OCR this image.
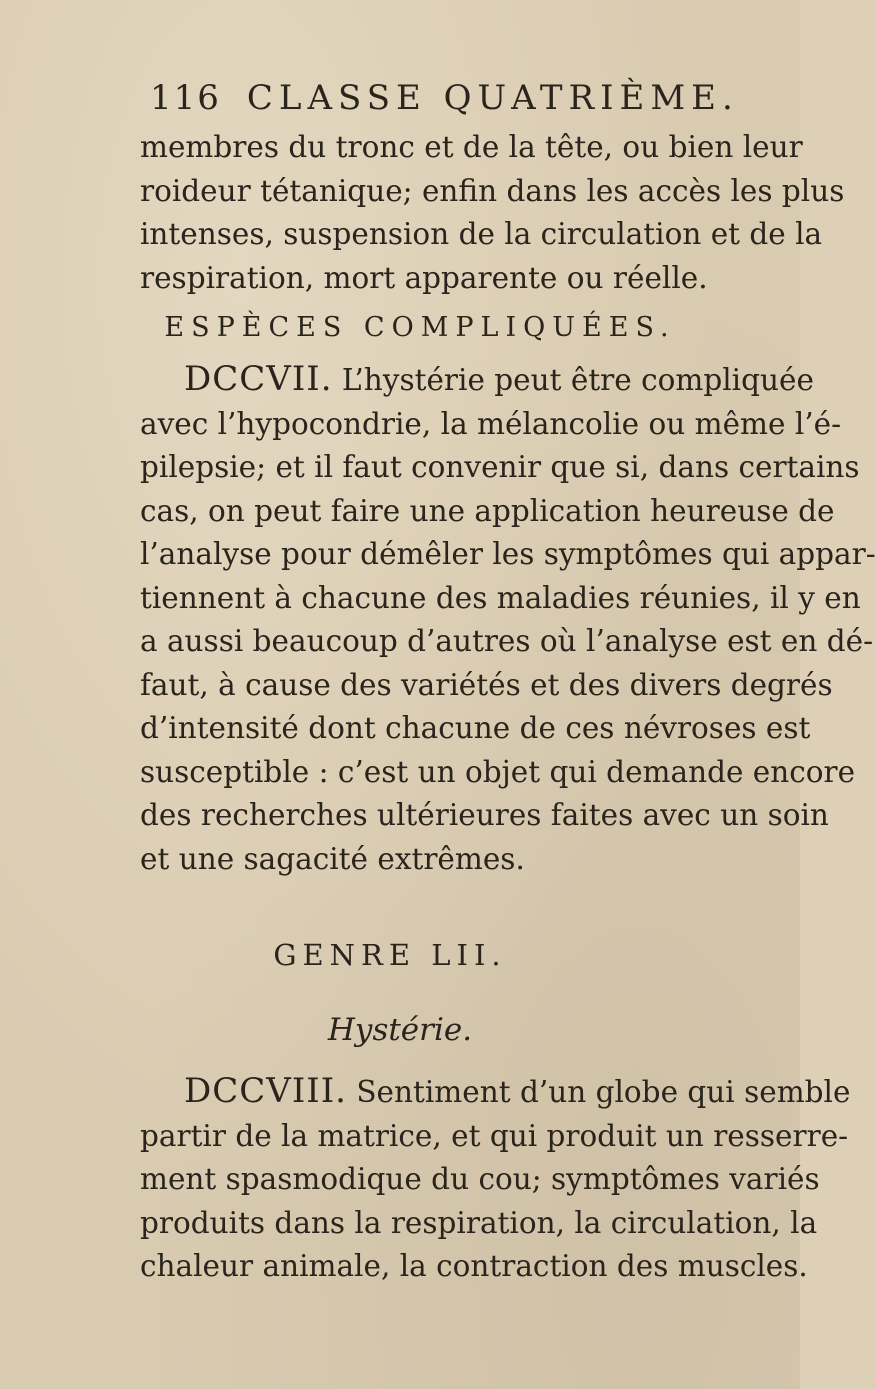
116 CLASSE QUATRIÈME.
membres du tronc et de la tête, ou bien leur
roideur tétanique; enfin dans les accès les plus
intenses, suspension de la circulation et de la
respiration, mort apparente ou réelle.
ESPÈCES COMPLIQUÉES.
DCCVII. L’hystérie peut être compliquée
avec l’hypocondrie, la mélancolie ou même l’é-
pilepsie; et il faut convenir que si, dans certains
cas, on peut faire une application heureuse de
l’analyse pour démêler les symptômes qui appar-
tiennent à chacune des maladies réunies, il y en
a aussi beaucoup d’autres où l’analyse est en dé-
faut, à cause des variétés et des divers degrés
d’intensité dont chacune de ces névroses est
susceptible : c’est un objet qui demande encore
des recherches ultérieures faites avec un soin
et une sagacité extrêmes.
GENRE LII.
Hystérie.
DCCVIII. Sentiment d’un globe qui semble
partir de la matrice, et qui produit un resserre-
ment spasmodique du cou; symptômes variés
produits dans la respiration, la circulation, la
chaleur animale, la contraction des muscles.
